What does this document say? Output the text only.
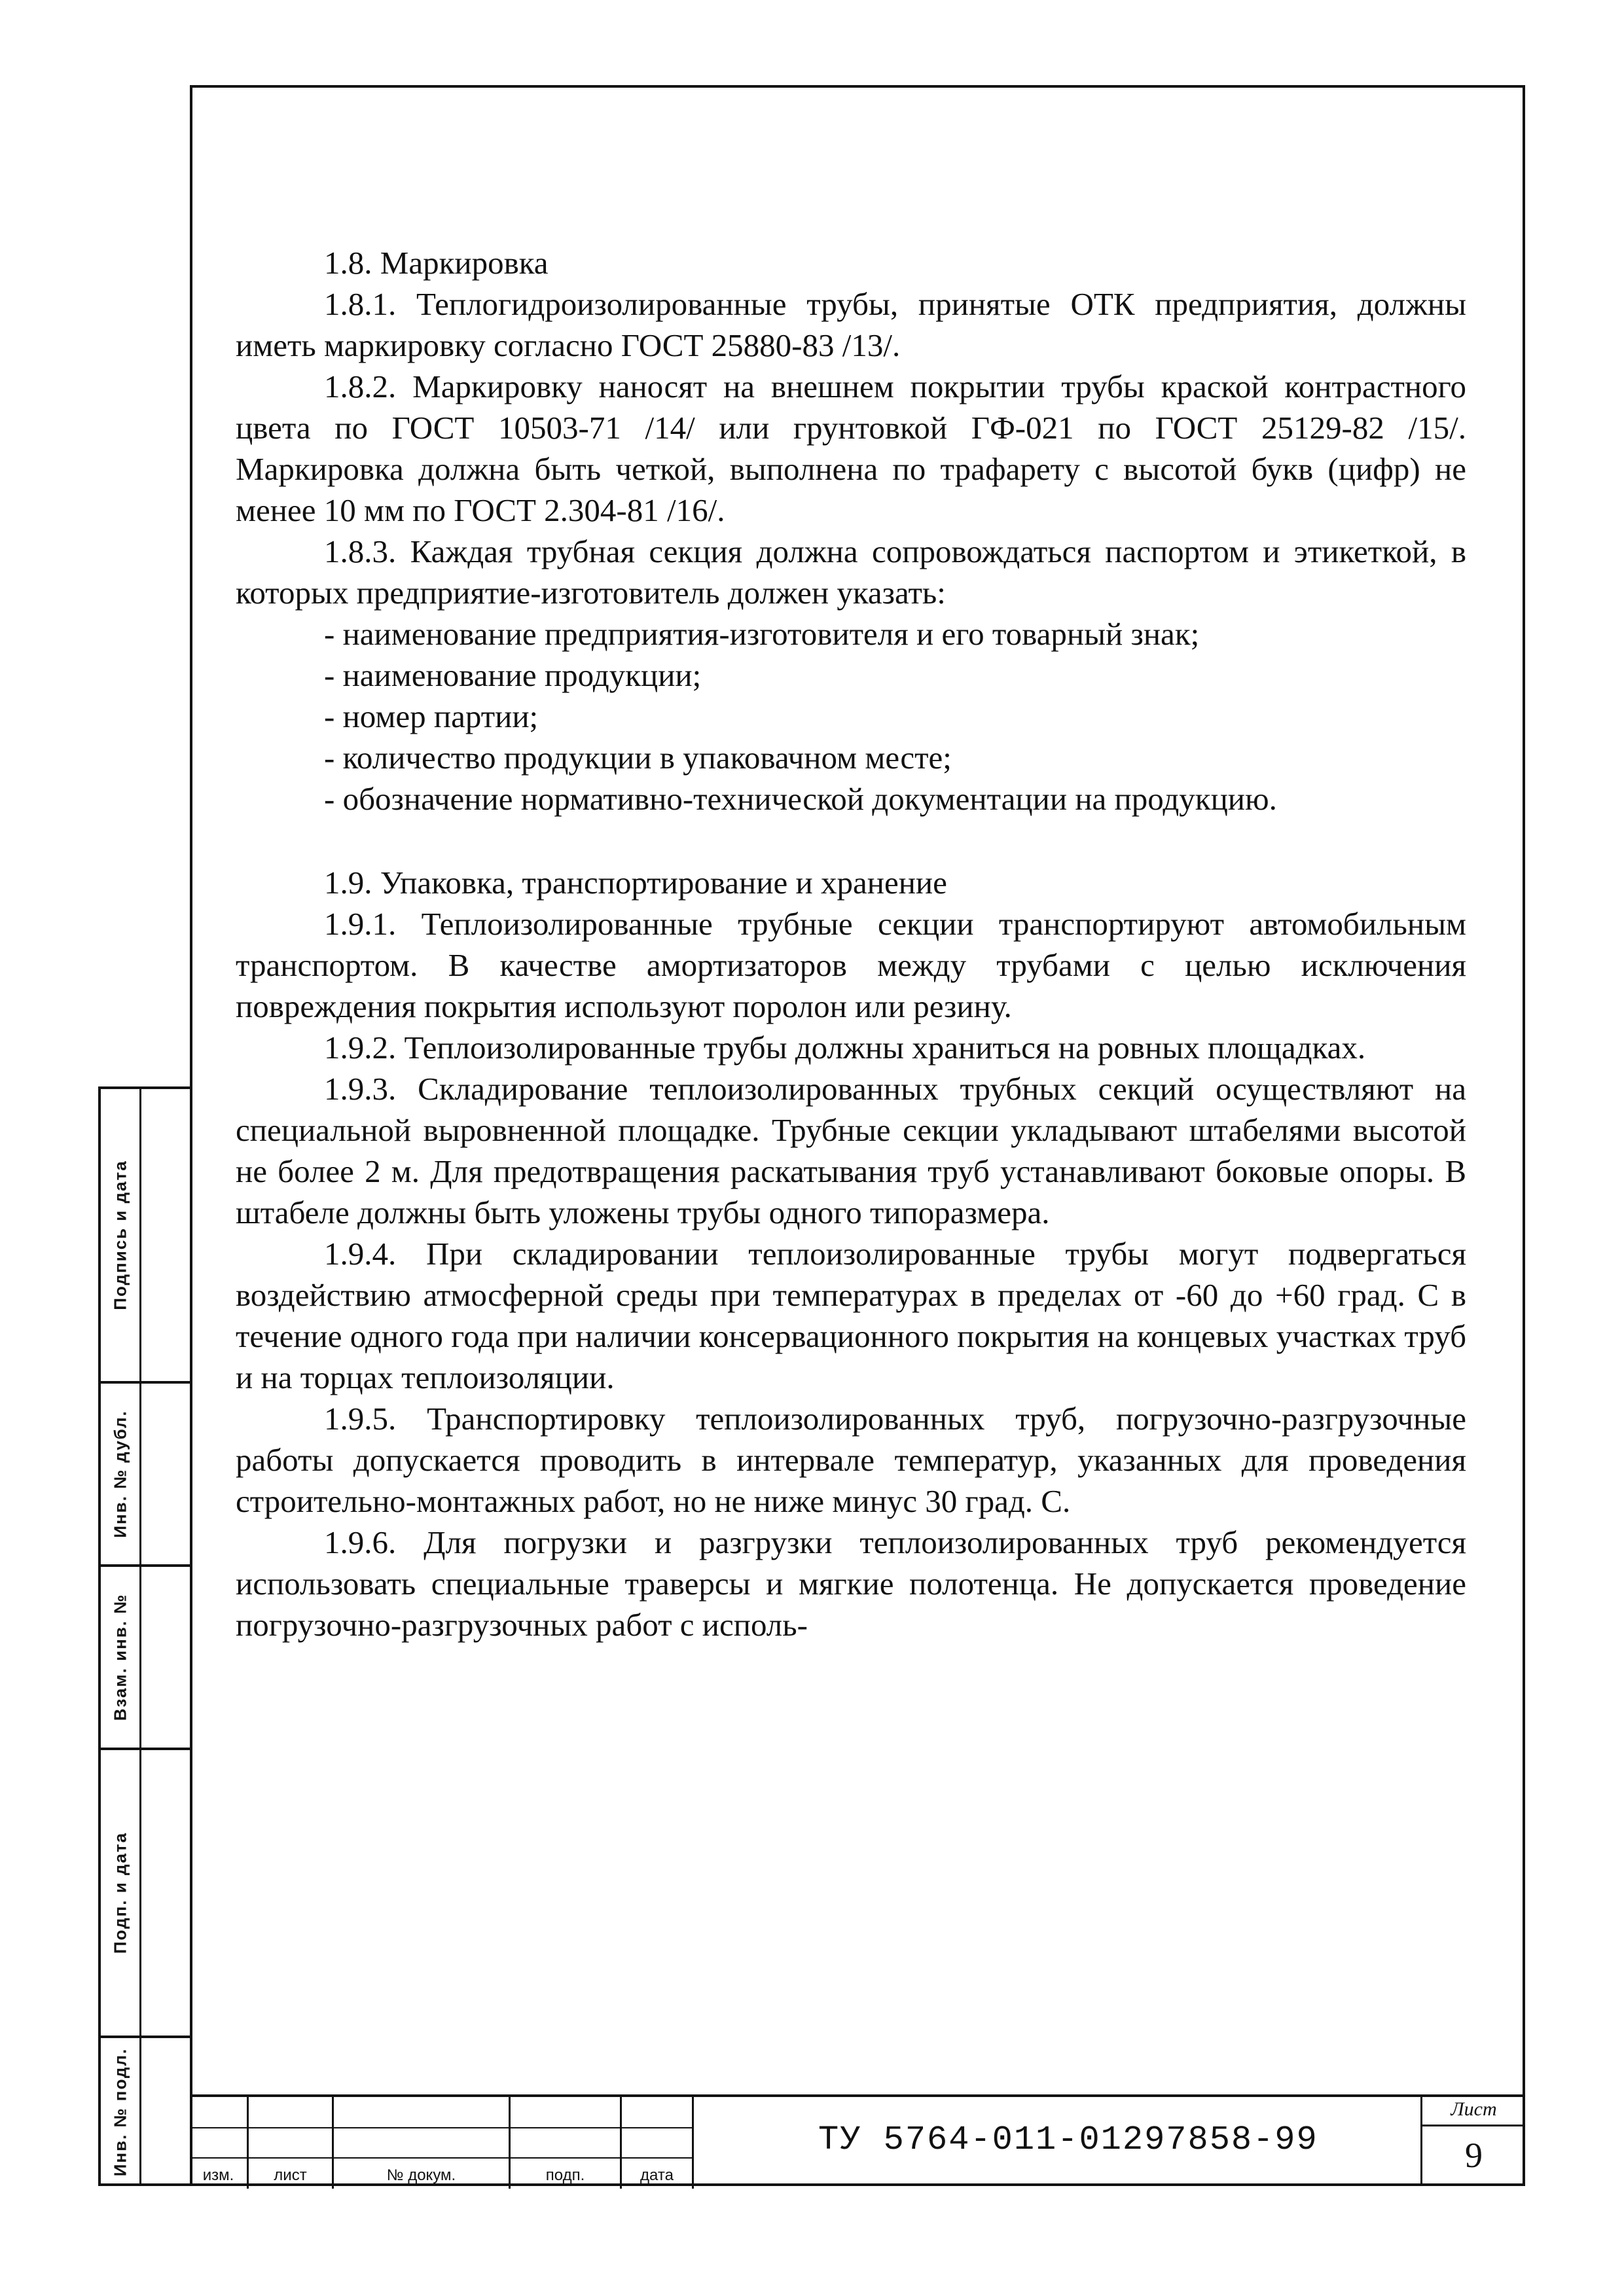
1.8. Маркировка

1.8.1. Теплогидроизолированные трубы, принятые ОТК предприятия, должны иметь маркировку согласно ГОСТ 25880-83 /13/.

1.8.2. Маркировку наносят на внешнем покрытии трубы краской контрастного цвета по ГОСТ 10503-71 /14/ или грунтовкой ГФ-021 по ГОСТ 25129-82 /15/. Маркировка должна быть четкой, выполнена по трафарету с высотой букв (цифр) не менее 10 мм по ГОСТ 2.304-81 /16/.

1.8.3. Каждая трубная секция должна сопровождаться паспортом и этикеткой, в которых предприятие-изготовитель должен указать:

- наименование предприятия-изготовителя и его товарный знак;

- наименование продукции;

- номер партии;

- количество продукции в упаковачном месте;

- обозначение нормативно-технической документации на продукцию.

1.9. Упаковка, транспортирование и хранение

1.9.1. Теплоизолированные трубные секции транспортируют автомобильным транспортом. В качестве амортизаторов между трубами с целью исключения повреждения покрытия используют поролон или резину.

1.9.2. Теплоизолированные трубы должны храниться на ровных площадках.

1.9.3. Складирование теплоизолированных трубных секций осуществляют на специальной выровненной площадке. Трубные секции укладывают штабелями высотой не более 2 м. Для предотвращения раскатывания труб устанавливают боковые опоры. В штабеле должны быть уложены трубы одного типоразмера.

1.9.4. При складировании теплоизолированные трубы могут подвергаться воздействию атмосферной среды при температурах в пределах от -60 до +60 град. С в течение одного года при наличии консервационного покрытия на концевых участках труб и на торцах теплоизоляции.

1.9.5. Транспортировку теплоизолированных труб, погрузочно-разгрузочные работы допускается проводить в интервале температур, указанных для проведения строительно-монтажных работ, но не ниже минус 30 град. С.

1.9.6. Для погрузки и разгрузки теплоизолированных труб рекомендуется использовать специальные траверсы и мягкие полотенца. Не допускается проведение погрузочно-разгрузочных работ с исполь-

Подпись и дата
Инв. № дубл.
Взам. инв. №
Подп. и дата
Инв. № подл.	изм.	лист	№ докум.	подп.	дата
ТУ 5764-011-01297858-99
Лист
9
